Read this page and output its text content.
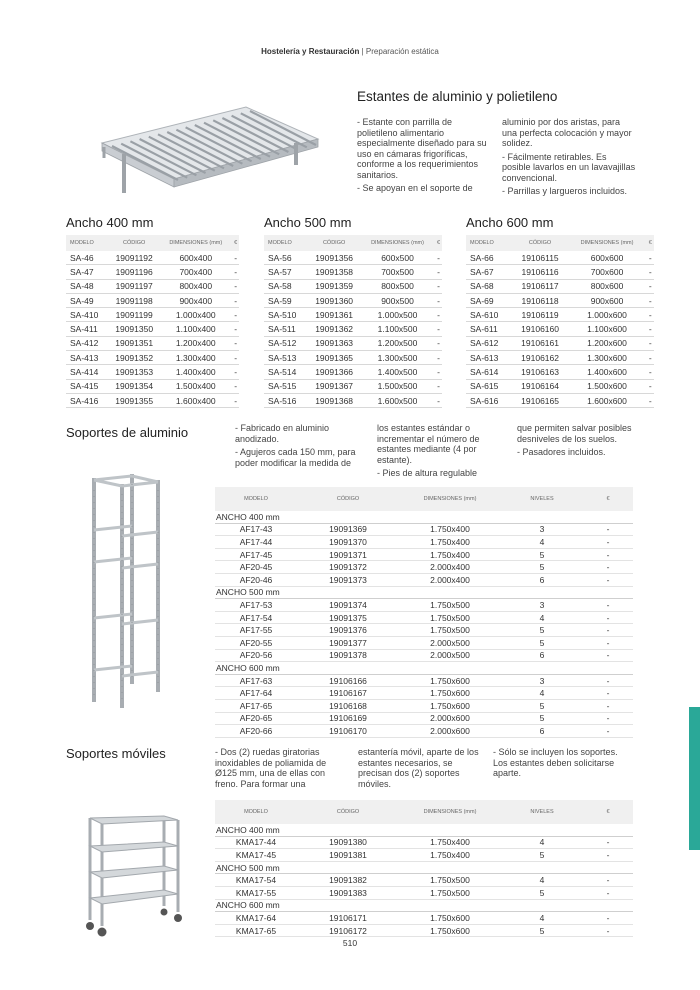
Hostelería y Restauración | Preparación estática
Estantes de aluminio y polietileno

- Estante con parrilla de polietileno alimentario especialmente diseñado para su uso en cámaras frigoríficas, conforme a los requerimientos sanitarios.

- Se apoyan en el soporte de

aluminio por dos aristas, para una perfecta colocación y mayor solidez.

- Fácilmente retirables. Es posible lavarlos en un lavavajillas convencional.

- Parrillas y largueros incluidos.

Ancho 400 mm
MODELO	CÓDIGO	DIMENSIONES (mm)	€
SA-46	19091192	600x400	-
SA-47	19091196	700x400	-
SA-48	19091197	800x400	-
SA-49	19091198	900x400	-
SA-410	19091199	1.000x400	-
SA-411	19091350	1.100x400	-
SA-412	19091351	1.200x400	-
SA-413	19091352	1.300x400	-
SA-414	19091353	1.400x400	-
SA-415	19091354	1.500x400	-
SA-416	19091355	1.600x400	-
Ancho 500 mm
MODELO	CÓDIGO	DIMENSIONES (mm)	€
SA-56	19091356	600x500	-
SA-57	19091358	700x500	-
SA-58	19091359	800x500	-
SA-59	19091360	900x500	-
SA-510	19091361	1.000x500	-
SA-511	19091362	1.100x500	-
SA-512	19091363	1.200x500	-
SA-513	19091365	1.300x500	-
SA-514	19091366	1.400x500	-
SA-515	19091367	1.500x500	-
SA-516	19091368	1.600x500	-
Ancho 600 mm
MODELO	CÓDIGO	DIMENSIONES (mm)	€
SA-66	19106115	600x600	-
SA-67	19106116	700x600	-
SA-68	19106117	800x600	-
SA-69	19106118	900x600	-
SA-610	19106119	1.000x600	-
SA-611	19106160	1.100x600	-
SA-612	19106161	1.200x600	-
SA-613	19106162	1.300x600	-
SA-614	19106163	1.400x600	-
SA-615	19106164	1.500x600	-
SA-616	19106165	1.600x600	-
Soportes de aluminio	- Fabricado en aluminio anodizado.

- Agujeros cada 150 mm, para poder modificar la medida de

los estantes estándar o incrementar el número de estantes mediante (4 por estante).

- Pies de altura regulable

que permiten salvar posibles desniveles de los suelos.

- Pasadores incluidos.

MODELO	CÓDIGO	DIMENSIONES (mm)	NIVELES	€
ANCHO 400 mm				
AF17-43	19091369	1.750x400	3	-
AF17-44	19091370	1.750x400	4	-
AF17-45	19091371	1.750x400	5	-
AF20-45	19091372	2.000x400	5	-
AF20-46	19091373	2.000x400	6	-
ANCHO 500 mm				
AF17-53	19091374	1.750x500	3	-
AF17-54	19091375	1.750x500	4	-
AF17-55	19091376	1.750x500	5	-
AF20-55	19091377	2.000x500	5	-
AF20-56	19091378	2.000x500	6	-
ANCHO 600 mm				
AF17-63	19106166	1.750x600	3	-
AF17-64	19106167	1.750x600	4	-
AF17-65	19106168	1.750x600	5	-
AF20-65	19106169	2.000x600	5	-
AF20-66	19106170	2.000x600	6	-
Soportes móviles	- Dos (2) ruedas giratorias inoxidables de poliamida de Ø125 mm, una de ellas con freno. Para formar una

estantería móvil, aparte de los estantes necesarios, se precisan dos (2) soportes móviles.

- Sólo se incluyen los soportes. Los estantes deben solicitarse aparte.

MODELO	CÓDIGO	DIMENSIONES (mm)	NIVELES	€
ANCHO 400 mm				
KMA17-44	19091380	1.750x400	4	-
KMA17-45	19091381	1.750x400	5	-
ANCHO 500 mm				
KMA17-54	19091382	1.750x500	4	-
KMA17-55	19091383	1.750x500	5	-
ANCHO 600 mm				
KMA17-64	19106171	1.750x600	4	-
KMA17-65	19106172	1.750x600	5	-
510
